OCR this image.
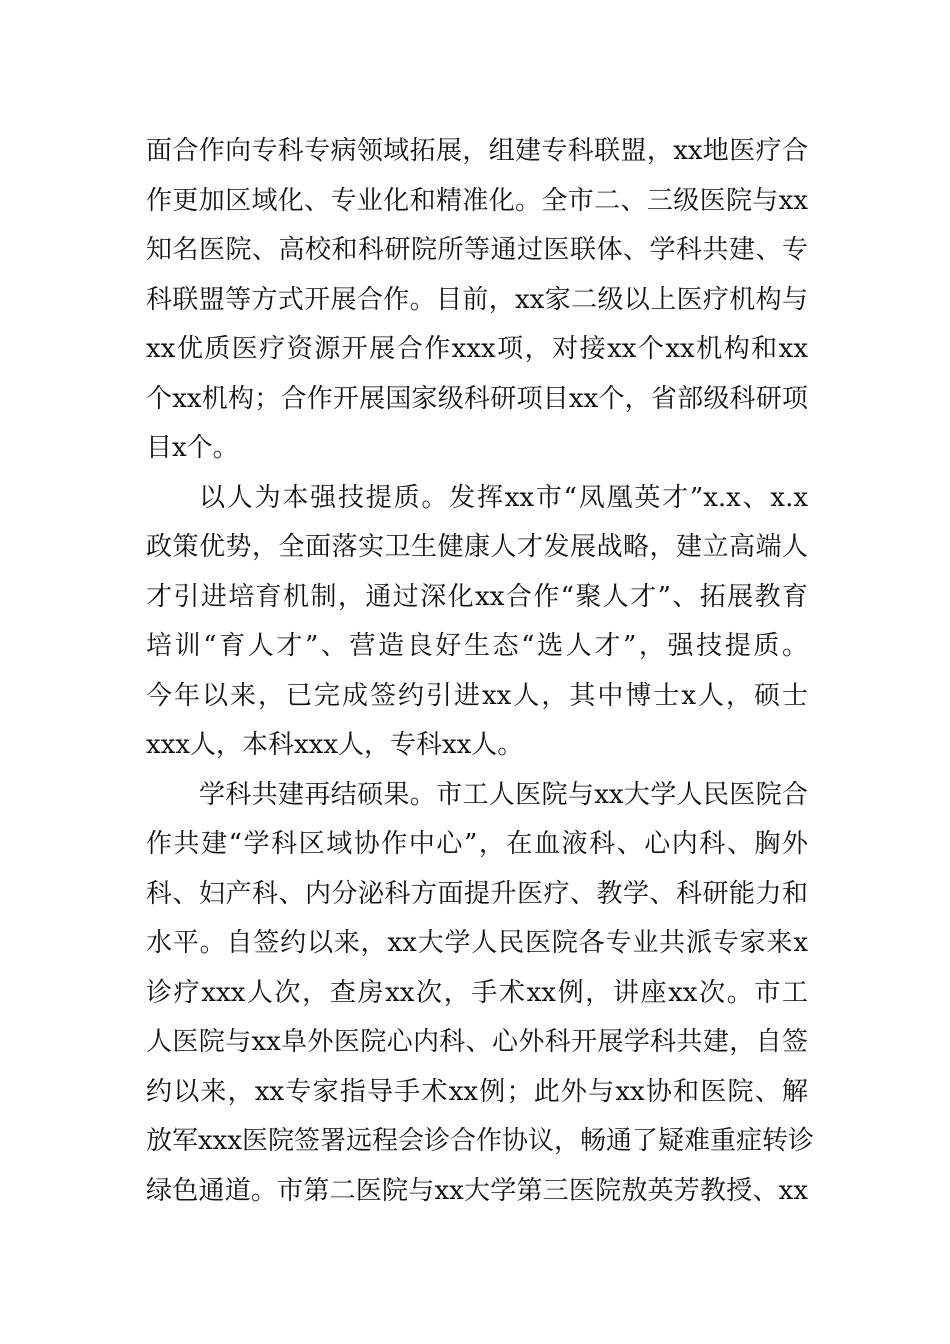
面合作向专科专病领域拓展，组建专科联盟，xx地医疗合
作更加区域化、专业化和精准化。全市二、三级医院与xx
知名医院、高校和科研院所等通过医联体、学科共建、专
科联盟等方式开展合作。目前，xx家二级以上医疗机构与
xx优质医疗资源开展合作xxx项，对接xx个xx机构和xx
个xx机构；合作开展国家级科研项目xx个，省部级科研项
目x个。
以人为本强技提质。发挥xx市“凤凰英才”x.x、x.x
政策优势，全面落实卫生健康人才发展战略，建立高端人
才引进培育机制，通过深化xx合作“聚人才”、拓展教育
培训“育人才”、营造良好生态“选人才”，强技提质。
今年以来，已完成签约引进xx人，其中博士x人，硕士
xxx人，本科xxx人，专科xx人。
学科共建再结硕果。市工人医院与xx大学人民医院合
作共建“学科区域协作中心”，在血液科、心内科、胸外
科、妇产科、内分泌科方面提升医疗、教学、科研能力和
水平。自签约以来，xx大学人民医院各专业共派专家来x
诊疗xxx人次，查房xx次，手术xx例，讲座xx次。市工
人医院与xx阜外医院心内科、心外科开展学科共建，自签
约以来，xx专家指导手术xx例；此外与xx协和医院、解
放军xxx医院签署远程会诊合作协议，畅通了疑难重症转诊
绿色通道。市第二医院与xx大学第三医院敖英芳教授、xx
